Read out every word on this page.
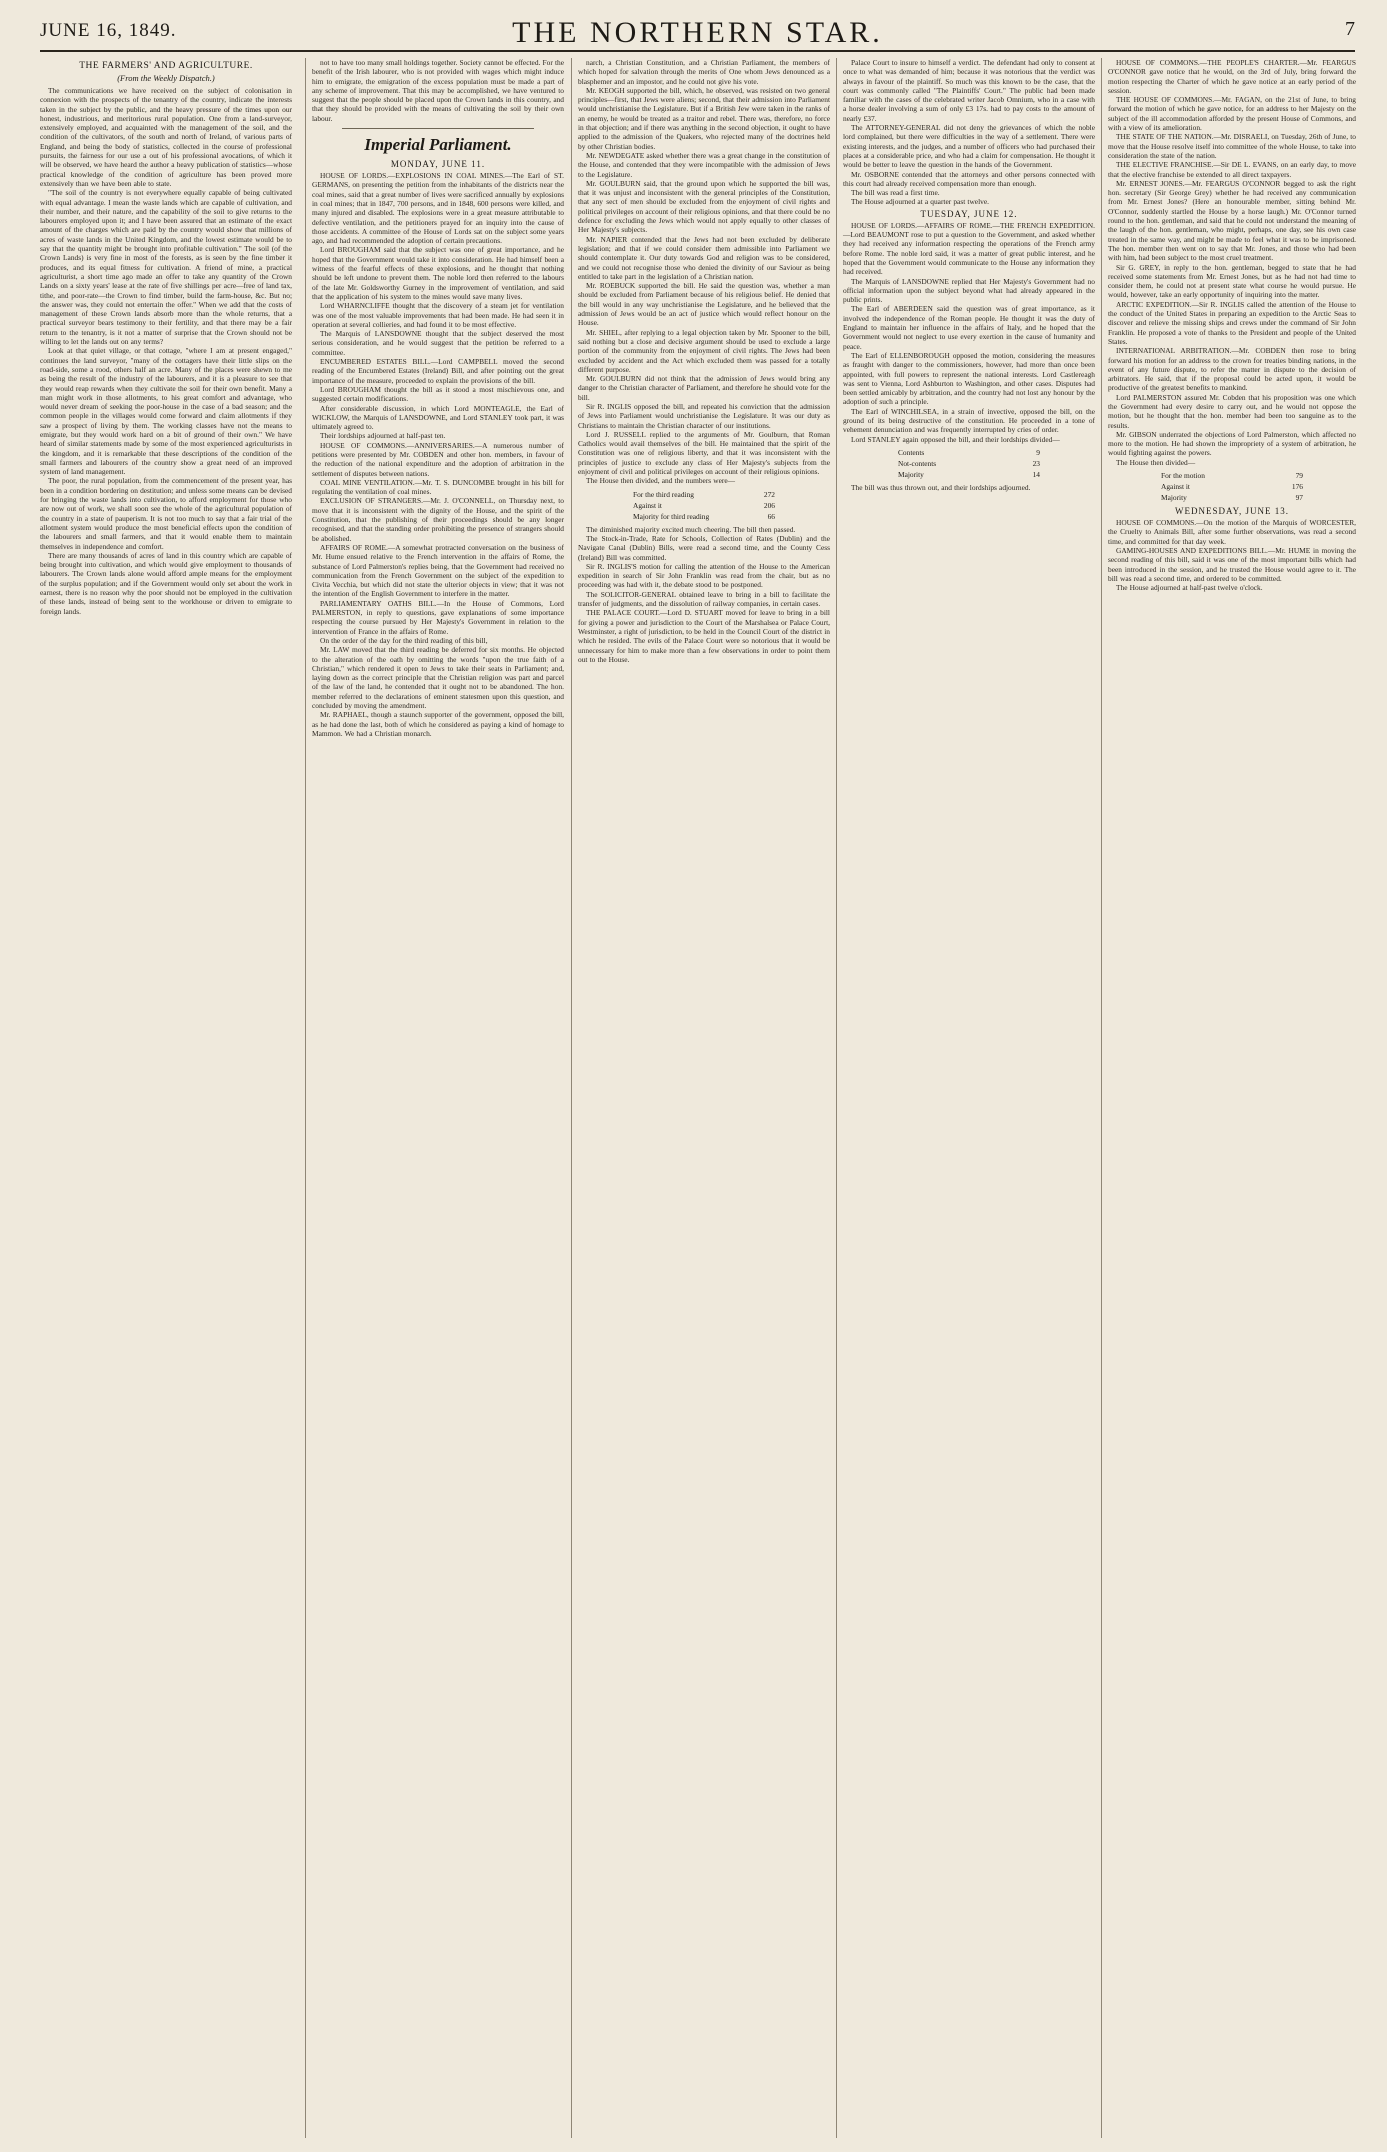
JUNE 16, 1849.	THE NORTHERN STAR.	7
THE FARMERS' AND AGRICULTURE.
(From the Weekly Dispatch.)

The communications we have received on the subject of colonisation in connexion with the prospects of the tenantry of the country, indicate the interests taken in the subject by the public, and the heavy pressure of the times upon our honest, industrious, and meritorious rural population. One from a land-surveyor, extensively employed, and acquainted with the management of the soil, and the condition of the cultivators, of the south and north of Ireland, of various parts of England, and being the body of statistics, collected in the course of professional pursuits, the fairness for our use a out of his professional avocations, of which it will be observed, we have heard the author a heavy publication of statistics—whose practical knowledge of the condition of agriculture has been proved more extensively than we have been able to state.

"The soil of the country is not everywhere equally capable of being cultivated with equal advantage. I mean the waste lands which are capable of cultivation, and their number, and their nature, and the capability of the soil to give returns to the labourers employed upon it; and I have been assured that an estimate of the exact amount of the charges which are paid by the country would show that millions of acres of waste lands in the United Kingdom, and the lowest estimate would be to say that the quantity might be brought into profitable cultivation." The soil (of the Crown Lands) is very fine in most of the forests, as is seen by the fine timber it produces, and its equal fitness for cultivation. A friend of mine, a practical agriculturist, a short time ago made an offer to take any quantity of the Crown Lands on a sixty years' lease at the rate of five shillings per acre—free of land tax, tithe, and poor-rate—the Crown to find timber, build the farm-house, &c. But no; the answer was, they could not entertain the offer." When we add that the costs of management of these Crown lands absorb more than the whole returns, that a practical surveyor bears testimony to their fertility, and that there may be a fair return to the tenantry, is it not a matter of surprise that the Crown should not be willing to let the lands out on any terms?

Look at that quiet village, or that cottage, "where I am at present engaged," continues the land surveyor, "many of the cottagers have their little slips on the road-side, some a rood, others half an acre. Many of the places were shewn to me as being the result of the industry of the labourers, and it is a pleasure to see that they would reap rewards when they cultivate the soil for their own benefit. Many a man might work in those allotments, to his great comfort and advantage, who would never dream of seeking the poor-house in the case of a bad season; and the common people in the villages would come forward and claim allotments if they saw a prospect of living by them. The working classes have not the means to emigrate, but they would work hard on a bit of ground of their own." We have heard of similar statements made by some of the most experienced agriculturists in the kingdom, and it is remarkable that these descriptions of the condition of the small farmers and labourers of the country show a great need of an improved system of land management.

The poor, the rural population, from the commencement of the present year, has been in a condition bordering on destitution; and unless some means can be devised for bringing the waste lands into cultivation, to afford employment for those who are now out of work, we shall soon see the whole of the agricultural population of the country in a state of pauperism. It is not too much to say that a fair trial of the allotment system would produce the most beneficial effects upon the condition of the labourers and small farmers, and that it would enable them to maintain themselves in independence and comfort.

There are many thousands of acres of land in this country which are capable of being brought into cultivation, and which would give employment to thousands of labourers. The Crown lands alone would afford ample means for the employment of the surplus population; and if the Government would only set about the work in earnest, there is no reason why the poor should not be employed in the cultivation of these lands, instead of being sent to the workhouse or driven to emigrate to foreign lands.

not to have too many small holdings together. Society cannot be effected. For the benefit of the Irish labourer, who is not provided with wages which might induce him to emigrate, the emigration of the excess population must be made a part of any scheme of improvement. That this may be accomplished, we have ventured to suggest that the people should be placed upon the Crown lands in this country, and that they should be provided with the means of cultivating the soil by their own labour.

Imperial Parliament.
MONDAY, JUNE 11.

HOUSE OF LORDS.—EXPLOSIONS IN COAL MINES.—The Earl of ST. GERMANS, on presenting the petition from the inhabitants of the districts near the coal mines, said that a great number of lives were sacrificed annually by explosions in coal mines; that in 1847, 700 persons, and in 1848, 600 persons were killed, and many injured and disabled. The explosions were in a great measure attributable to defective ventilation, and the petitioners prayed for an inquiry into the cause of those accidents. A committee of the House of Lords sat on the subject some years ago, and had recommended the adoption of certain precautions.

Lord BROUGHAM said that the subject was one of great importance, and he hoped that the Government would take it into consideration. He had himself been a witness of the fearful effects of these explosions, and he thought that nothing should be left undone to prevent them. The noble lord then referred to the labours of the late Mr. Goldsworthy Gurney in the improvement of ventilation, and said that the application of his system to the mines would save many lives.

Lord WHARNCLIFFE thought that the discovery of a steam jet for ventilation was one of the most valuable improvements that had been made. He had seen it in operation at several collieries, and had found it to be most effective.

The Marquis of LANSDOWNE thought that the subject deserved the most serious consideration, and he would suggest that the petition be referred to a committee.

ENCUMBERED ESTATES BILL.—Lord CAMPBELL moved the second reading of the Encumbered Estates (Ireland) Bill, and after pointing out the great importance of the measure, proceeded to explain the provisions of the bill.

Lord BROUGHAM thought the bill as it stood a most mischievous one, and suggested certain modifications.

After considerable discussion, in which Lord MONTEAGLE, the Earl of WICKLOW, the Marquis of LANSDOWNE, and Lord STANLEY took part, it was ultimately agreed to.

Their lordships adjourned at half-past ten.

HOUSE OF COMMONS.—ANNIVERSARIES.—A numerous number of petitions were presented by Mr. COBDEN and other hon. members, in favour of the reduction of the national expenditure and the adoption of arbitration in the settlement of disputes between nations.

COAL MINE VENTILATION.—Mr. T. S. DUNCOMBE brought in his bill for regulating the ventilation of coal mines.

EXCLUSION OF STRANGERS.—Mr. J. O'CONNELL, on Thursday next, to move that it is inconsistent with the dignity of the House, and the spirit of the Constitution, that the publishing of their proceedings should be any longer recognised, and that the standing order prohibiting the presence of strangers should be abolished.

AFFAIRS OF ROME.—A somewhat protracted conversation on the business of Mr. Hume ensued relative to the French intervention in the affairs of Rome, the substance of Lord Palmerston's replies being, that the Government had received no communication from the French Government on the subject of the expedition to Civita Vecchia, but which did not state the ulterior objects in view; that it was not the intention of the English Government to interfere in the matter.

PARLIAMENTARY OATHS BILL.—In the House of Commons, Lord PALMERSTON, in reply to questions, gave explanations of some importance respecting the course pursued by Her Majesty's Government in relation to the intervention of France in the affairs of Rome.

On the order of the day for the third reading of this bill,

Mr. LAW moved that the third reading be deferred for six months. He objected to the alteration of the oath by omitting the words "upon the true faith of a Christian," which rendered it open to Jews to take their seats in Parliament; and, laying down as the correct principle that the Christian religion was part and parcel of the law of the land, he contended that it ought not to be abandoned. The hon. member referred to the declarations of eminent statesmen upon this question, and concluded by moving the amendment.

Mr. RAPHAEL, though a staunch supporter of the government, opposed the bill, as he had done the last, both of which he considered as paying a kind of homage to Mammon. We had a Christian monarch.

narch, a Christian Constitution, and a Christian Parliament, the members of which hoped for salvation through the merits of One whom Jews denounced as a blasphemer and an impostor, and he could not give his vote.

Mr. KEOGH supported the bill, which, he observed, was resisted on two general principles—first, that Jews were aliens; second, that their admission into Parliament would unchristianise the Legislature. But if a British Jew were taken in the ranks of an enemy, he would be treated as a traitor and rebel. There was, therefore, no force in that objection; and if there was anything in the second objection, it ought to have applied to the admission of the Quakers, who rejected many of the doctrines held by other Christian bodies.

Mr. NEWDEGATE asked whether there was a great change in the constitution of the House, and contended that they were incompatible with the admission of Jews to the Legislature.

Mr. GOULBURN said, that the ground upon which he supported the bill was, that it was unjust and inconsistent with the general principles of the Constitution, that any sect of men should be excluded from the enjoyment of civil rights and political privileges on account of their religious opinions, and that there could be no defence for excluding the Jews which would not apply equally to other classes of Her Majesty's subjects.

Mr. NAPIER contended that the Jews had not been excluded by deliberate legislation; and that if we could consider them admissible into Parliament we should contemplate it. Our duty towards God and religion was to be considered, and we could not recognise those who denied the divinity of our Saviour as being entitled to take part in the legislation of a Christian nation.

Mr. ROEBUCK supported the bill. He said the question was, whether a man should be excluded from Parliament because of his religious belief. He denied that the bill would in any way unchristianise the Legislature, and he believed that the admission of Jews would be an act of justice which would reflect honour on the House.

Mr. SHIEL, after replying to a legal objection taken by Mr. Spooner to the bill, said nothing but a close and decisive argument should be used to exclude a large portion of the community from the enjoyment of civil rights. The Jews had been excluded by accident and the Act which excluded them was passed for a totally different purpose.

Mr. GOULBURN did not think that the admission of Jews would bring any danger to the Christian character of Parliament, and therefore he should vote for the bill.

Sir R. INGLIS opposed the bill, and repeated his conviction that the admission of Jews into Parliament would unchristianise the Legislature. It was our duty as Christians to maintain the Christian character of our institutions.

Lord J. RUSSELL replied to the arguments of Mr. Goulburn, that Roman Catholics would avail themselves of the bill. He maintained that the spirit of the Constitution was one of religious liberty, and that it was inconsistent with the principles of justice to exclude any class of Her Majesty's subjects from the enjoyment of civil and political privileges on account of their religious opinions.

The House then divided, and the numbers were—

For the third reading	272
Against it	206
Majority for third reading	66

The diminished majority excited much cheering. The bill then passed.

The Stock-in-Trade, Rate for Schools, Collection of Rates (Dublin) and the Navigate Canal (Dublin) Bills, were read a second time, and the County Cess (Ireland) Bill was committed.

Sir R. INGLIS'S motion for calling the attention of the House to the American expedition in search of Sir John Franklin was read from the chair, but as no proceeding was had with it, the debate stood to be postponed.

The SOLICITOR-GENERAL obtained leave to bring in a bill to facilitate the transfer of judgments, and the dissolution of railway companies, in certain cases.

THE PALACE COURT.—Lord D. STUART moved for leave to bring in a bill for giving a power and jurisdiction to the Court of the Marshalsea or Palace Court, Westminster, a right of jurisdiction, to be held in the Council Court of the district in which he resided. The evils of the Palace Court were so notorious that it would be unnecessary for him to make more than a few observations in order to point them out to the House.

Palace Court to insure to himself a verdict. The defendant had only to consent at once to what was demanded of him; because it was notorious that the verdict was always in favour of the plaintiff. So much was this known to be the case, that the court was commonly called "The Plaintiffs' Court." The public had been made familiar with the cases of the celebrated writer Jacob Omnium, who in a case with a horse dealer involving a sum of only £3 17s. had to pay costs to the amount of nearly £37.

The ATTORNEY-GENERAL did not deny the grievances of which the noble lord complained, but there were difficulties in the way of a settlement. There were existing interests, and the judges, and a number of officers who had purchased their places at a considerable price, and who had a claim for compensation. He thought it would be better to leave the question in the hands of the Government.

Mr. OSBORNE contended that the attorneys and other persons connected with this court had already received compensation more than enough.

The bill was read a first time.

The House adjourned at a quarter past twelve.

TUESDAY, JUNE 12.

HOUSE OF LORDS.—AFFAIRS OF ROME.—THE FRENCH EXPEDITION.—Lord BEAUMONT rose to put a question to the Government, and asked whether they had received any information respecting the operations of the French army before Rome. The noble lord said, it was a matter of great public interest, and he hoped that the Government would communicate to the House any information they had received.

The Marquis of LANSDOWNE replied that Her Majesty's Government had no official information upon the subject beyond what had already appeared in the public prints.

The Earl of ABERDEEN said the question was of great importance, as it involved the independence of the Roman people. He thought it was the duty of England to maintain her influence in the affairs of Italy, and he hoped that the Government would not neglect to use every exertion in the cause of humanity and peace.

The Earl of ELLENBOROUGH opposed the motion, considering the measures as fraught with danger to the commissioners, however, had more than once been appointed, with full powers to represent the national interests. Lord Castlereagh was sent to Vienna, Lord Ashburton to Washington, and other cases. Disputes had been settled amicably by arbitration, and the country had not lost any honour by the adoption of such a principle.

The Earl of WINCHILSEA, in a strain of invective, opposed the bill, on the ground of its being destructive of the constitution. He proceeded in a tone of vehement denunciation and was frequently interrupted by cries of order.

Lord STANLEY again opposed the bill, and their lordships divided—

Contents	9
Not-contents	23
Majority	14

The bill was thus thrown out, and their lordships adjourned.

HOUSE OF COMMONS.—THE PEOPLE'S CHARTER.—Mr. FEARGUS O'CONNOR gave notice that he would, on the 3rd of July, bring forward the motion respecting the Charter of which he gave notice at an early period of the session.

THE HOUSE OF COMMONS.—Mr. FAGAN, on the 21st of June, to bring forward the motion of which he gave notice, for an address to her Majesty on the subject of the ill accommodation afforded by the present House of Commons, and with a view of its amelioration.

THE STATE OF THE NATION.—Mr. DISRAELI, on Tuesday, 26th of June, to move that the House resolve itself into committee of the whole House, to take into consideration the state of the nation.

THE ELECTIVE FRANCHISE.—Sir DE L. EVANS, on an early day, to move that the elective franchise be extended to all direct taxpayers.

Mr. ERNEST JONES.—Mr. FEARGUS O'CONNOR begged to ask the right hon. secretary (Sir George Grey) whether he had received any communication from Mr. Ernest Jones? (Here an honourable member, sitting behind Mr. O'Connor, suddenly startled the House by a horse laugh.) Mr. O'Connor turned round to the hon. gentleman, and said that he could not understand the meaning of the laugh of the hon. gentleman, who might, perhaps, one day, see his own case treated in the same way, and might be made to feel what it was to be imprisoned. The hon. member then went on to say that Mr. Jones, and those who had been with him, had been subject to the most cruel treatment.

Sir G. GREY, in reply to the hon. gentleman, begged to state that he had received some statements from Mr. Ernest Jones, but as he had not had time to consider them, he could not at present state what course he would pursue. He would, however, take an early opportunity of inquiring into the matter.

ARCTIC EXPEDITION.—Sir R. INGLIS called the attention of the House to the conduct of the United States in preparing an expedition to the Arctic Seas to discover and relieve the missing ships and crews under the command of Sir John Franklin. He proposed a vote of thanks to the President and people of the United States.

INTERNATIONAL ARBITRATION.—Mr. COBDEN then rose to bring forward his motion for an address to the crown for treaties binding nations, in the event of any future dispute, to refer the matter in dispute to the decision of arbitrators. He said, that if the proposal could be acted upon, it would be productive of the greatest benefits to mankind.

Lord PALMERSTON assured Mr. Cobden that his proposition was one which the Government had every desire to carry out, and he would not oppose the motion, but he thought that the hon. member had been too sanguine as to the results.

Mr. GIBSON underrated the objections of Lord Palmerston, which affected no more to the motion. He had shown the impropriety of a system of arbitration, he would fighting against the powers.

The House then divided—

For the motion	79
Against it	176
Majority	97
WEDNESDAY, JUNE 13.

HOUSE OF COMMONS.—On the motion of the Marquis of WORCESTER, the Cruelty to Animals Bill, after some further observations, was read a second time, and committed for that day week.

GAMING-HOUSES AND EXPEDITIONS BILL.—Mr. HUME in moving the second reading of this bill, said it was one of the most important bills which had been introduced in the session, and he trusted the House would agree to it. The bill was read a second time, and ordered to be committed.

The House adjourned at half-past twelve o'clock.
